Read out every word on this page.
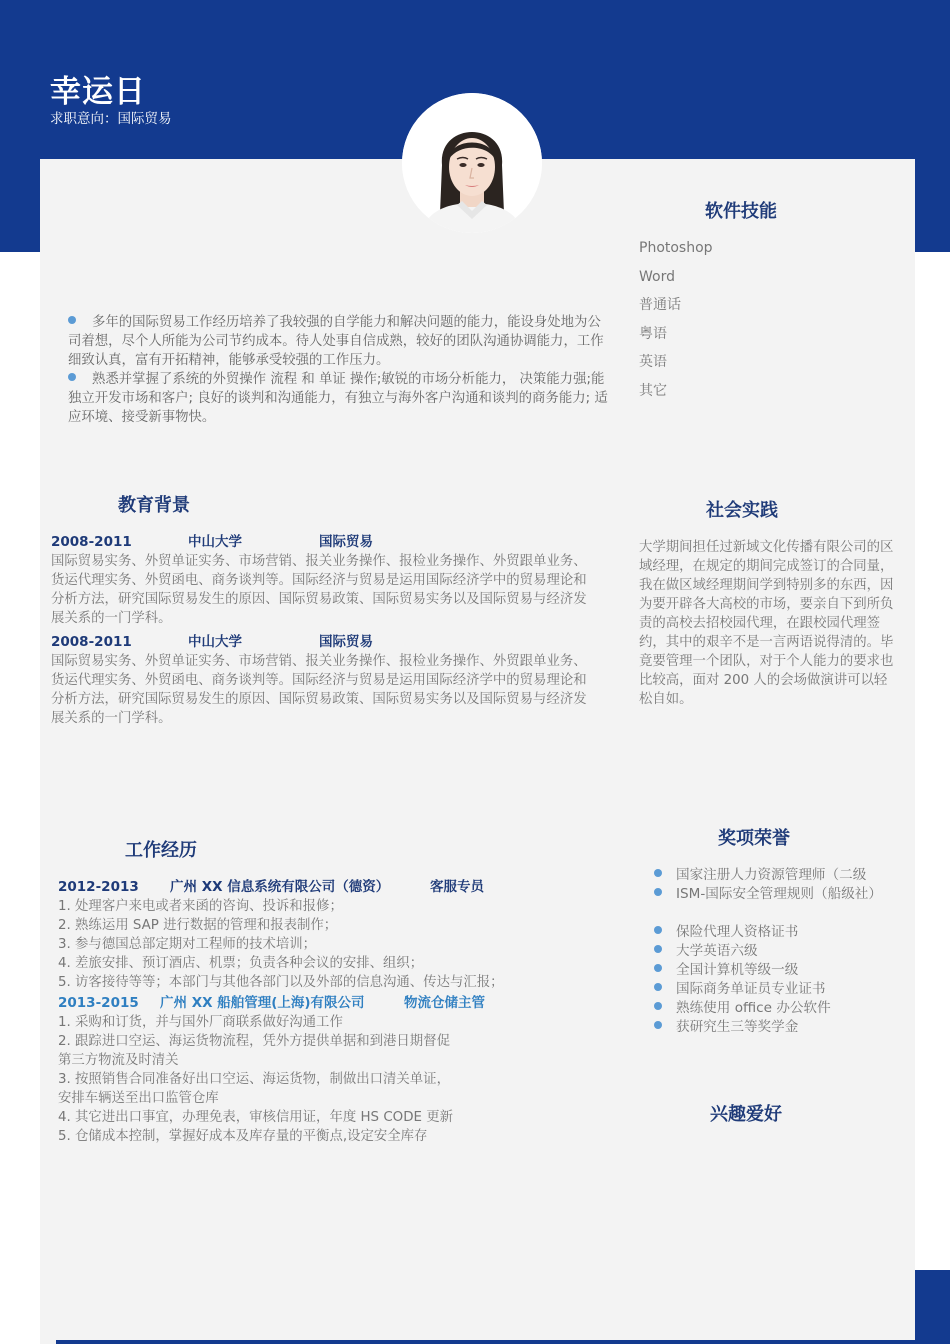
幸运日
求职意向：国际贸易
软件技能
Photoshop
Word
普通话
粤语
英语
其它

多年的国际贸易工作经历培养了我较强的自学能力和解决问题的能力，能设身处地为公司着想，尽个人所能为公司节约成本。待人处事自信成熟，较好的团队沟通协调能力，工作细致认真，富有开拓精神，能够承受较强的工作压力。

熟悉并掌握了系统的外贸操作 流程 和 单证 操作;敏锐的市场分析能力， 决策能力强;能独立开发市场和客户; 良好的谈判和沟通能力，有独立与海外客户沟通和谈判的商务能力; 适应环境、接受新事物快。

教育背景
2008-2011	中山大学	国际贸易
国际贸易实务、外贸单证实务、市场营销、报关业务操作、报检业务操作、外贸跟单业务、货运代理实务、外贸函电、商务谈判等。国际经济与贸易是运用国际经济学中的贸易理论和分析方法，研究国际贸易发生的原因、国际贸易政策、国际贸易实务以及国际贸易与经济发展关系的一门学科。
2008-2011	中山大学	国际贸易
国际贸易实务、外贸单证实务、市场营销、报关业务操作、报检业务操作、外贸跟单业务、货运代理实务、外贸函电、商务谈判等。国际经济与贸易是运用国际经济学中的贸易理论和分析方法，研究国际贸易发生的原因、国际贸易政策、国际贸易实务以及国际贸易与经济发展关系的一门学科。
社会实践
大学期间担任过新域文化传播有限公司的区域经理，在规定的期间完成签订的合同量，我在做区域经理期间学到特别多的东西，因为要开辟各大高校的市场，要亲自下到所负责的高校去招校园代理，在跟校园代理签约，其中的艰辛不是一言两语说得清的。毕竟要管理一个团队，对于个人能力的要求也比较高，面对 200 人的会场做演讲可以轻松自如。
工作经历
2012-2013 广州 XX 信息系统有限公司（德资）	客服专员
1. 处理客户来电或者来函的咨询、投诉和报修；
2. 熟练运用 SAP 进行数据的管理和报表制作；
3. 参与德国总部定期对工程师的技术培训；
4. 差旅安排、预订酒店、机票；负责各种会议的安排、组织；
5. 访客接待等等；本部门与其他各部门以及外部的信息沟通、传达与汇报；
2013-2015 广州 XX 船舶管理(上海)有限公司	物流仓储主管
1. 采购和订货，并与国外厂商联系做好沟通工作
2. 跟踪进口空运、海运货物流程，凭外方提供单据和到港日期督促
第三方物流及时清关
3. 按照销售合同准备好出口空运、海运货物，制做出口清关单证，
安排车辆送至出口监管仓库
4. 其它进出口事宜，办理免表，审核信用证，年度 HS CODE 更新
5. 仓储成本控制，掌握好成本及库存量的平衡点,设定安全库存
奖项荣誉
国家注册人力资源管理师（二级
ISM-国际安全管理规则（船级社）
保险代理人资格证书
大学英语六级
全国计算机等级一级
国际商务单证员专业证书
熟练使用 office 办公软件
获研究生三等奖学金
兴趣爱好
